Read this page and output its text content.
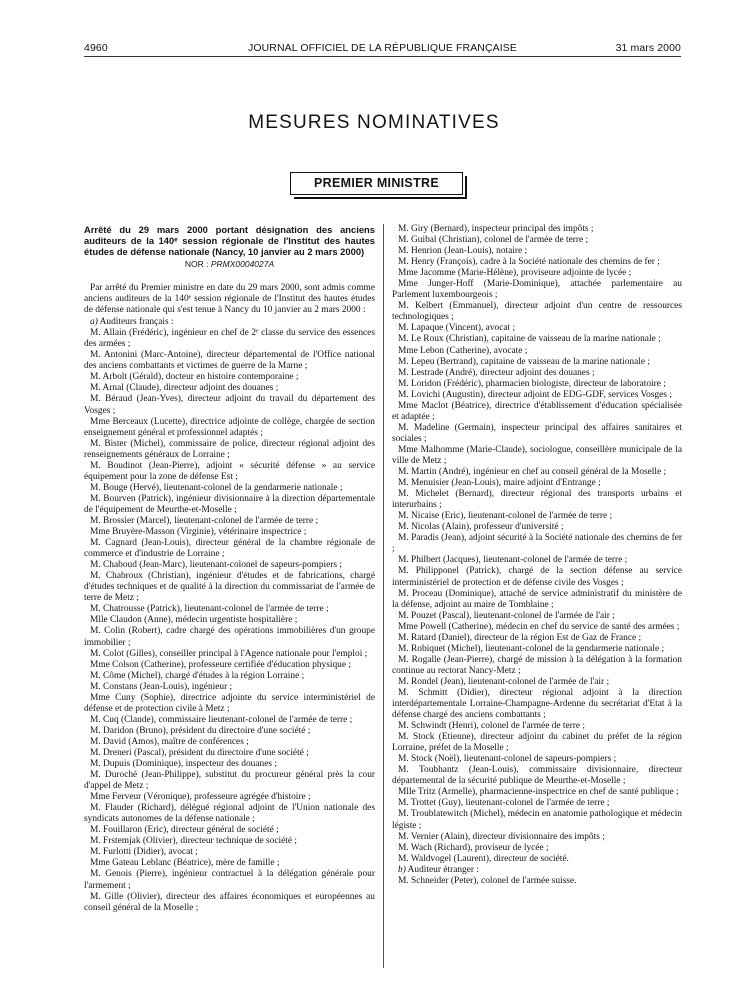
4960	JOURNAL OFFICIEL DE LA RÉPUBLIQUE FRANÇAISE	31 mars 2000
MESURES NOMINATIVES
PREMIER MINISTRE

Arrêté du 29 mars 2000 portant désignation des anciens auditeurs de la 140ᵉ session régionale de l'Institut des hautes études de défense nationale (Nancy, 10 janvier au 2 mars 2000)

NOR : PRMX0004027A

Par arrêté du Premier ministre en date du 29 mars 2000, sont admis comme anciens auditeurs de la 140ᵉ session régionale de l'Institut des hautes études de défense nationale qui s'est tenue à Nancy du 10 janvier au 2 mars 2000 :

a) Auditeurs français :

M. Allain (Frédéric), ingénieur en chef de 2ᵉ classe du service des essences des armées ;

M. Antonini (Marc-Antoine), directeur départemental de l'Office national des anciens combattants et victimes de guerre de la Marne ;

M. Arbolt (Gérald), docteur en histoire contemporaine ;

M. Arnal (Claude), directeur adjoint des douanes ;

M. Béraud (Jean-Yves), directeur adjoint du travail du département des Vosges ;

Mme Berceaux (Lucette), directrice adjointe de collège, chargée de section enseignement général et professionnel adaptés ;

M. Bister (Michel), commissaire de police, directeur régional adjoint des renseignements généraux de Lorraine ;

M. Boudinot (Jean-Pierre), adjoint « sécurité défense » au service équipement pour la zone de défense Est ;

M. Bouge (Hervé), lieutenant-colonel de la gendarmerie nationale ;

M. Bourven (Patrick), ingénieur divisionnaire à la direction départementale de l'équipement de Meurthe-et-Moselle ;

M. Brossier (Marcel), lieutenant-colonel de l'armée de terre ;

Mme Bruyère-Masson (Virginie), vétérinaire inspectrice ;

M. Cagnard (Jean-Louis), directeur général de la chambre régionale de commerce et d'industrie de Lorraine ;

M. Chaboud (Jean-Marc), lieutenant-colonel de sapeurs-pompiers ;

M. Chabroux (Christian), ingénieur d'études et de fabrications, chargé d'études techniques et de qualité à la direction du commissariat de l'armée de terre de Metz ;

M. Chatrousse (Patrick), lieutenant-colonel de l'armée de terre ;

Mlle Claudon (Anne), médecin urgentiste hospitalière ;

M. Colin (Robert), cadre chargé des opérations immobilières d'un groupe immobilier ;

M. Colot (Gilles), conseiller principal à l'Agence nationale pour l'emploi ;

Mme Colson (Catherine), professeure certifiée d'éducation physique ;

M. Côme (Michel), chargé d'études à la région Lorraine ;

M. Constans (Jean-Louis), ingénieur ;

Mme Cuny (Sophie), directrice adjointe du service interministériel de défense et de protection civile à Metz ;

M. Cuq (Claude), commissaire lieutenant-colonel de l'armée de terre ;

M. Daridon (Bruno), président du directoire d'une société ;

M. David (Amos), maître de conférences ;

M. Dreneri (Pascal), président du directoire d'une société ;

M. Dupuis (Dominique), inspecteur des douanes ;

M. Duroché (Jean-Philippe), substitut du procureur général près la cour d'appel de Metz ;

Mme Ferveur (Véronique), professeure agrégée d'histoire ;

M. Flauder (Richard), délégué régional adjoint de l'Union nationale des syndicats autonomes de la défense nationale ;

M. Fouillaron (Eric), directeur général de société ;

M. Frstemjak (Olivier), directeur technique de société ;

M. Furlotti (Didier), avocat ;

Mme Gateau Leblanc (Béatrice), mère de famille ;

M. Genois (Pierre), ingénieur contractuel à la délégation générale pour l'armement ;

M. Gille (Olivier), directeur des affaires économiques et européennes au conseil général de la Moselle ;

M. Giry (Bernard), inspecteur principal des impôts ;

M. Guibal (Christian), colonel de l'armée de terre ;

M. Henrion (Jean-Louis), notaire ;

M. Henry (François), cadre à la Société nationale des chemins de fer ;

Mme Jacomme (Marie-Hélène), proviseure adjointe de lycée ;

Mme Junger-Hoff (Marie-Dominique), attachée parlementaire au Parlement luxembourgeois ;

M. Kelbert (Emmanuel), directeur adjoint d'un centre de ressources technologiques ;

M. Lapaque (Vincent), avocat ;

M. Le Roux (Christian), capitaine de vaisseau de la marine nationale ;

Mme Lebon (Catherine), avocate ;

M. Lepeu (Bertrand), capitaine de vaisseau de la marine nationale ;

M. Lestrade (André), directeur adjoint des douanes ;

M. Loridon (Frédéric), pharmacien biologiste, directeur de laboratoire ;

M. Lovichi (Augustin), directeur adjoint de EDG-GDF, services Vosges ;

Mme Maclot (Béatrice), directrice d'établissement d'éducation spécialisée et adaptée ;

M. Madeline (Germain), inspecteur principal des affaires sanitaires et sociales ;

Mme Malhomme (Marie-Claude), sociologue, conseillère municipale de la ville de Metz ;

M. Martin (André), ingénieur en chef au conseil général de la Moselle ;

M. Menuisier (Jean-Louis), maire adjoint d'Entrange ;

M. Michelet (Bernard), directeur régional des transports urbains et interurbains ;

M. Nicaise (Eric), lieutenant-colonel de l'armée de terre ;

M. Nicolas (Alain), professeur d'université ;

M. Paradis (Jean), adjoint sécurité à la Société nationale des chemins de fer ;

M. Philbert (Jacques), lieutenant-colonel de l'armée de terre ;

M. Philipponel (Patrick), chargé de la section défense au service interministériel de protection et de défense civile des Vosges ;

M. Proceau (Dominique), attaché de service administratif du ministère de la défense, adjoint au maire de Tomblaine ;

M. Pouzet (Pascal), lieutenant-colonel de l'armée de l'air ;

Mme Powell (Catherine), médecin en chef du service de santé des armées ;

M. Ratard (Daniel), directeur de la région Est de Gaz de France ;

M. Robiquet (Michel), lieutenant-colonel de la gendarmerie nationale ;

M. Rogalle (Jean-Pierre), chargé de mission à la délégation à la formation continue au rectorat Nancy-Metz ;

M. Rondel (Jean), lieutenant-colonel de l'armée de l'air ;

M. Schmitt (Didier), directeur régional adjoint à la direction interdépartementale Lorraine-Champagne-Ardenne du secrétariat d'Etat à la défense chargé des anciens combattants ;

M. Schwindt (Henri), colonel de l'armée de terre ;

M. Stock (Etienne), directeur adjoint du cabinet du préfet de la région Lorraine, préfet de la Moselle ;

M. Stock (Noël), lieutenant-colonel de sapeurs-pompiers ;

M. Toubhantz (Jean-Louis), commissaire divisionnaire, directeur départemental de la sécurité publique de Meurthe-et-Moselle ;

Mlle Tritz (Armelle), pharmacienne-inspectrice en chef de santé publique ;

M. Trottet (Guy), lieutenant-colonel de l'armée de terre ;

M. Troublatewitch (Michel), médecin en anatomie pathologique et médecin légiste ;

M. Vernier (Alain), directeur divisionnaire des impôts ;

M. Wach (Richard), proviseur de lycée ;

M. Waldvogel (Laurent), directeur de société.

b) Auditeur étranger :

M. Schneider (Peter), colonel de l'armée suisse.
